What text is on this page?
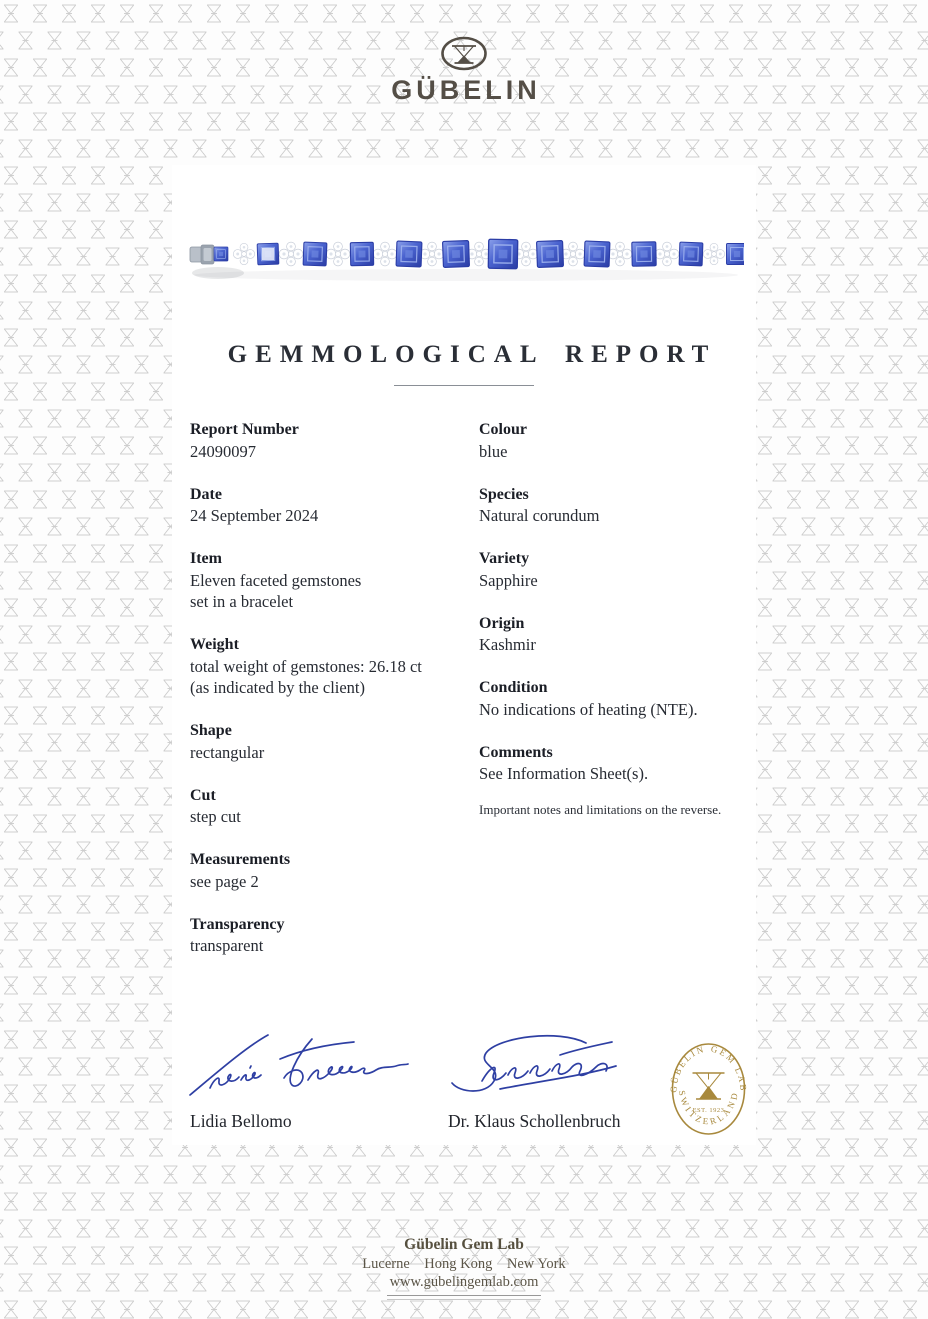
GÜBELIN
GEMMOLOGICAL REPORT
Report Number
24090097
Date
24 September 2024
Item
Eleven faceted gemstones
set in a bracelet
Weight
total weight of gemstones: 26.18 ct
(as indicated by the client)
Shape
rectangular
Cut
step cut
Measurements
see page 2
Transparency
transparent
Colour
blue
Species
Natural corundum
Variety
Sapphire
Origin
Kashmir
Condition
No indications of heating (NTE).
Comments
See Information Sheet(s).
Important notes and limitations on the reverse.
Lidia Bellomo	Dr. Klaus Schollenbruch
GÜBELIN GEM LAB
SWITZERLAND
EST. 1923
Gübelin Gem Lab
Lucerne  Hong Kong  New York
www.gubelingemlab.com
